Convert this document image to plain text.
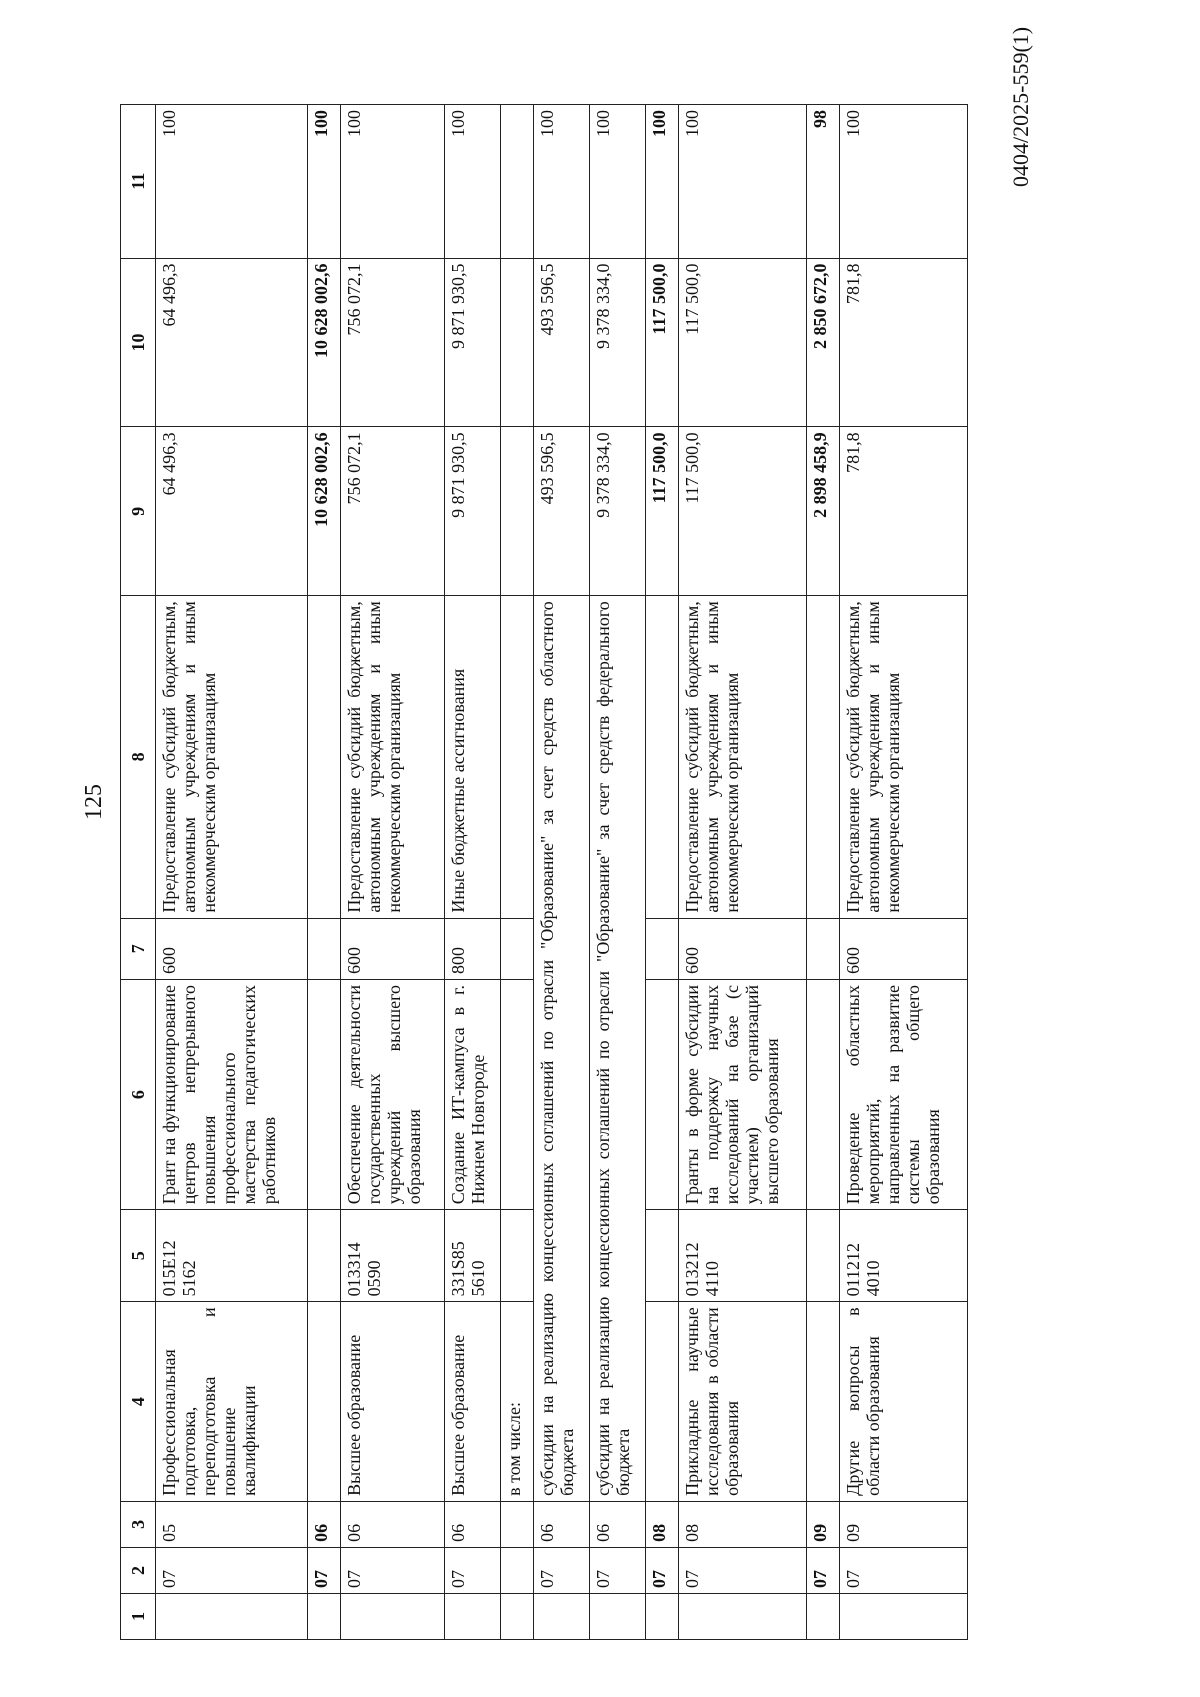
125
0404/2025-559(1)
1	2	3	4	5	6	7	8	9	10	11
	07	05	Профессиональная подготовка, переподготовка и повышение квалификации	015E12 5162	Грант на функционирование центров непрерывного повышения профессионального мастерства педагогических работников	600	Предоставление субсидий бюджетным, автономным учреждениям и иным некоммерческим организациям	64 496,3	64 496,3	100
	07	06						10 628 002,6	10 628 002,6	100
	07	06	Высшее образование	013314 0590	Обеспечение деятельности государственных учреждений высшего образования	600	Предоставление субсидий бюджетным, автономным учреждениям и иным некоммерческим организациям	756 072,1	756 072,1	100
	07	06	Высшее образование	331S85 5610	Создание ИТ-кампуса в г. Нижнем Новгороде	800	Иные бюджетные ассигнования	9 871 930,5	9 871 930,5	100
			в том числе:							
	07	06	субсидии на реализацию концессионных соглашений по отрасли "Образование" за счет средств областного бюджета					493 596,5	493 596,5	100
	07	06	субсидии на реализацию концессионных соглашений по отрасли "Образование" за счет средств федерального бюджета					9 378 334,0	9 378 334,0	100
	07	08						117 500,0	117 500,0	100
	07	08	Прикладные научные исследования в области образования	013212 4110	Гранты в форме субсидии на поддержку научных исследований на базе (с участием) организаций высшего образования	600	Предоставление субсидий бюджетным, автономным учреждениям и иным некоммерческим организациям	117 500,0	117 500,0	100
	07	09						2 898 458,9	2 850 672,0	98
	07	09	Другие вопросы в области образования	011212 4010	Проведение областных мероприятий, направленных на развитие системы общего образования	600	Предоставление субсидий бюджетным, автономным учреждениям и иным некоммерческим организациям	781,8	781,8	100
